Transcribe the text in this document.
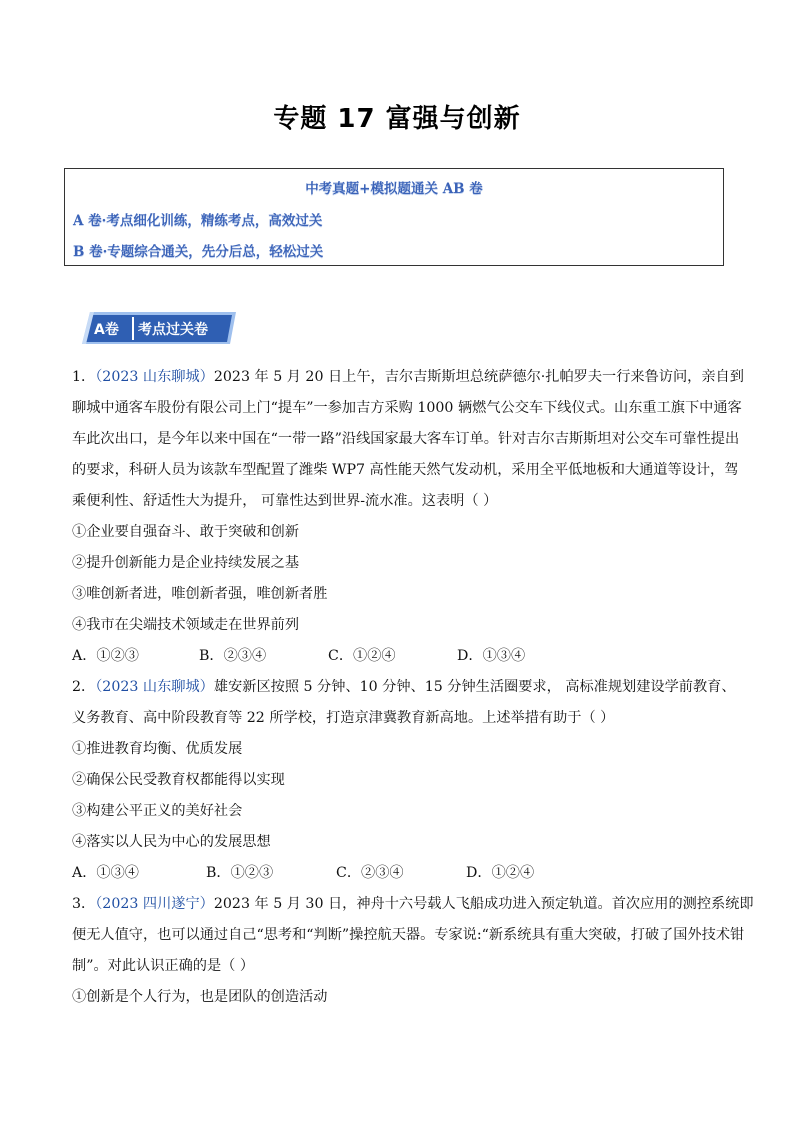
专题 17 富强与创新
中考真题+模拟题通关 AB 卷
A 卷·考点细化训练，精练考点，高效过关
B 卷·专题综合通关，先分后总，轻松过关
A卷 考点过关卷
1．（2023 山东聊城）2023 年 5 月 20 日上午，吉尔吉斯斯坦总统萨德尔·扎帕罗夫一行来鲁访问，亲自到
聊城中通客车股份有限公司上门“提车”一参加吉方采购 1000 辆燃气公交车下线仪式。山东重工旗下中通客
车此次出口，是今年以来中国在“一带一路”沿线国家最大客车订单。针对吉尔吉斯斯坦对公交车可靠性提出
的要求，科研人员为该款车型配置了潍柴 WP7 高性能天然气发动机，采用全平低地板和大通道等设计，驾
乘便利性、舒适性大为提升， 可靠性达到世界-流水准。这表明（ ）
①企业要自强奋斗、敢于突破和创新
②提升创新能力是企业持续发展之基
③唯创新者进，唯创新者强，唯创新者胜
④我市在尖端技术领域走在世界前列
A．①②③	B．②③④	C．①②④	D．①③④
2．（2023 山东聊城）雄安新区按照 5 分钟、10 分钟、15 分钟生活圈要求， 高标准规划建设学前教育、
义务教育、高中阶段教育等 22 所学校，打造京津冀教育新高地。上述举措有助于（ ）
①推进教育均衡、优质发展
②确保公民受教育权都能得以实现
③构建公平正义的美好社会
④落实以人民为中心的发展思想
A．①③④	B．①②③	C．②③④	D．①②④
3．（2023 四川遂宁）2023 年 5 月 30 日，神舟十六号载人飞船成功进入预定轨道。首次应用的测控系统即
便无人值守，也可以通过自己“思考和“判断”操控航天器。专家说:“新系统具有重大突破，打破了国外技术钳
制”。对此认识正确的是（ ）
①创新是个人行为，也是团队的创造活动
